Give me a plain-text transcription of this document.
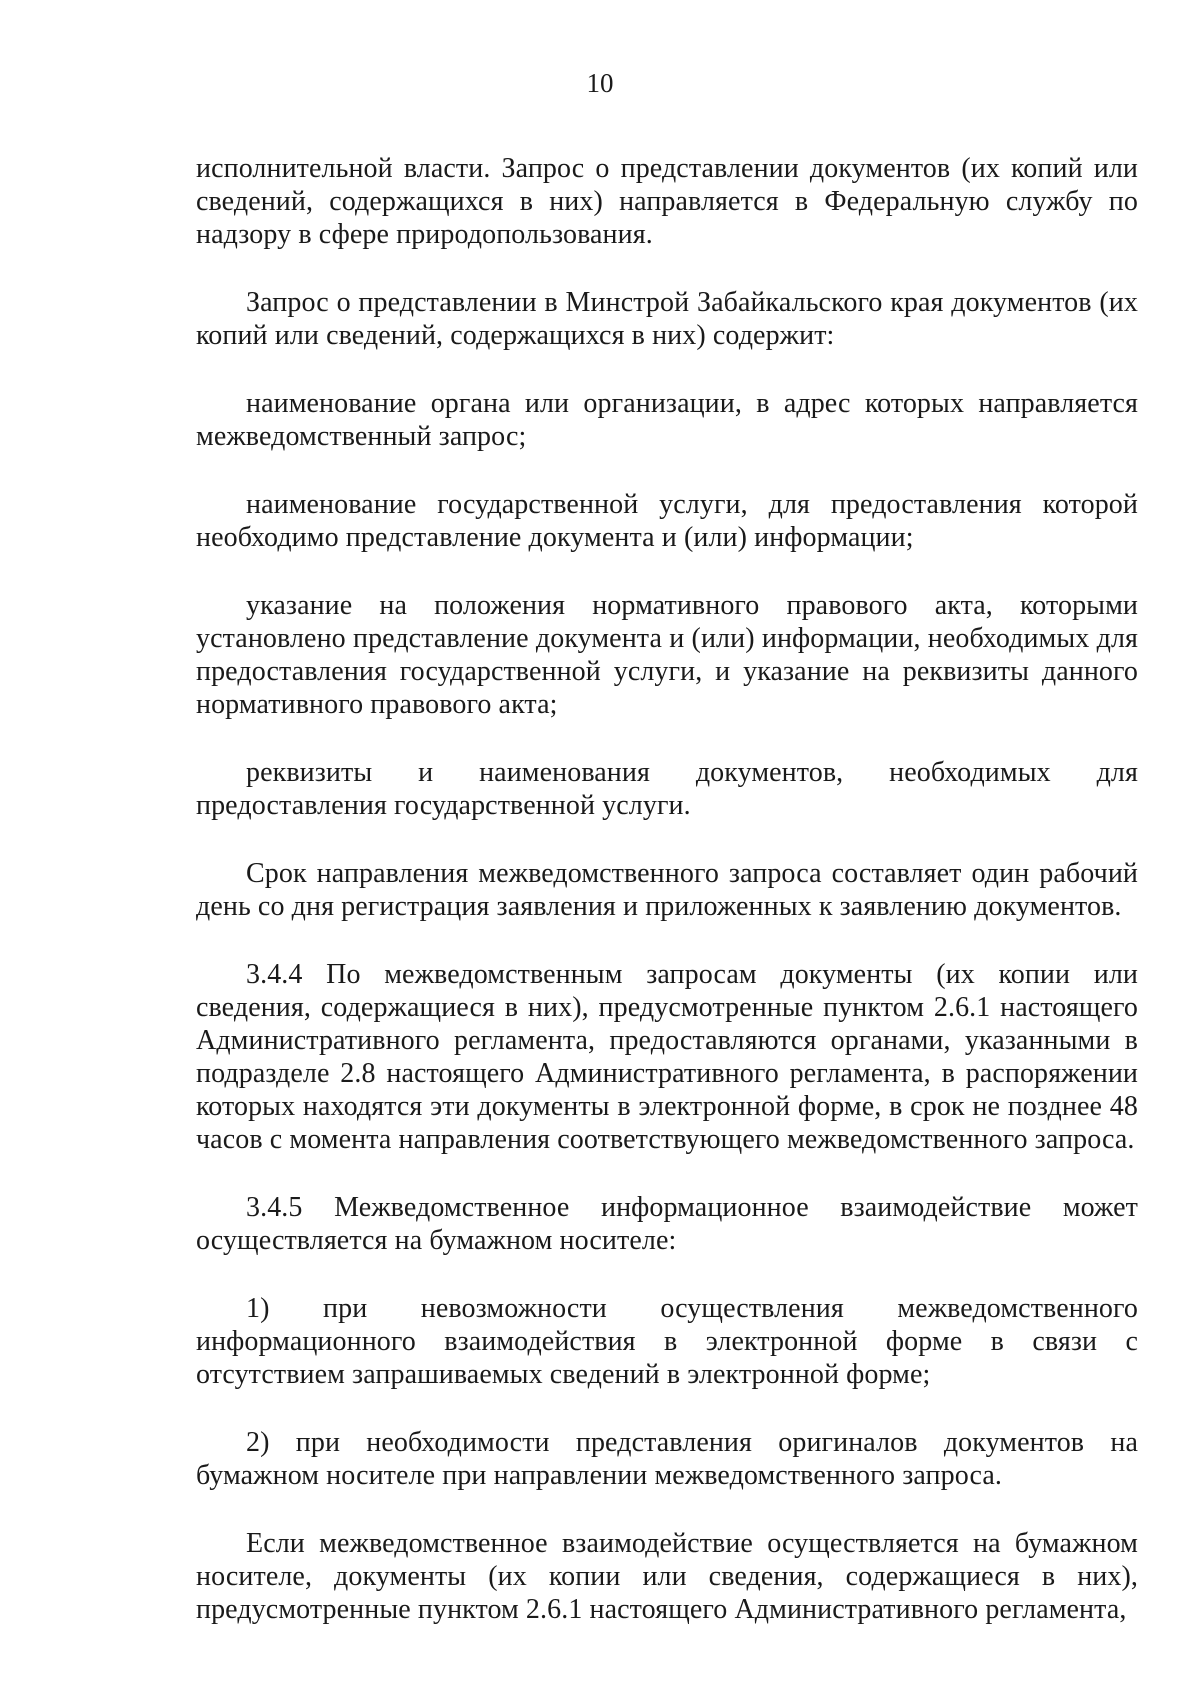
10

исполнительной власти. Запрос о представлении документов (их копий или сведений, содержащихся в них) направляется в Федеральную службу по надзору в сфере природопользования.

Запрос о представлении в Минстрой Забайкальского края документов (их копий или сведений, содержащихся в них) содержит:

наименование органа или организации, в адрес которых направляется межведомственный запрос;

наименование государственной услуги, для предоставления которой необходимо представление документа и (или) информации;

указание на положения нормативного правового акта, которыми установлено представление документа и (или) информации, необходимых для предоставления государственной услуги, и указание на реквизиты данного нормативного правового акта;

реквизиты и наименования документов, необходимых для предоставления государственной услуги.

Срок направления межведомственного запроса составляет один рабочий день со дня регистрация заявления и приложенных к заявлению документов.

3.4.4 По межведомственным запросам документы (их копии или сведения, содержащиеся в них), предусмотренные пунктом 2.6.1 настоящего Административного регламента, предоставляются органами, указанными в подразделе 2.8 настоящего Административного регламента, в распоряжении которых находятся эти документы в электронной форме, в срок не позднее 48 часов с момента направления соответствующего межведомственного запроса.

3.4.5 Межведомственное информационное взаимодействие может осуществляется на бумажном носителе:

1) при невозможности осуществления межведомственного информационного взаимодействия в электронной форме в связи с отсутствием запрашиваемых сведений в электронной форме;

2) при необходимости представления оригиналов документов на бумажном носителе при направлении межведомственного запроса.

Если межведомственное взаимодействие осуществляется на бумажном носителе, документы (их копии или сведения, содержащиеся в них), предусмотренные пунктом 2.6.1 настоящего Административного регламента,
